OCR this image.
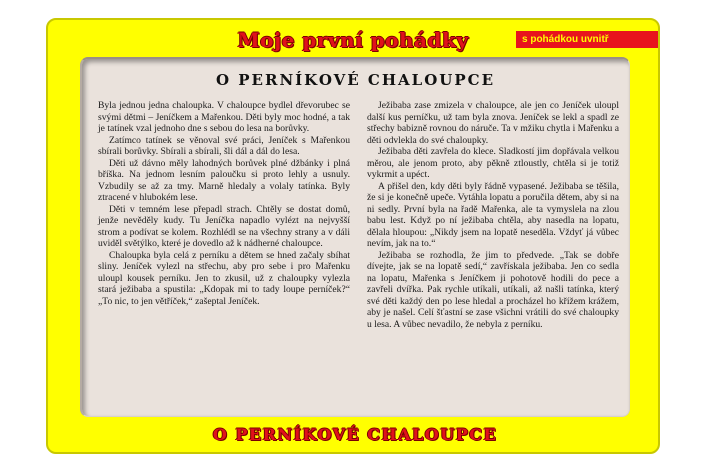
Moje první pohádky	s pohádkou uvnitř
O PERNÍKOVÉ CHALOUPCE

Byla jednou jedna chaloupka. V chaloupce bydlel dřevorubec se svými dětmi – Jeníčkem a Mařenkou. Děti byly moc hodné, a tak je tatínek vzal jednoho dne s sebou do lesa na borůvky.

Zatímco tatínek se věnoval své práci, Jeníček s Mařenkou sbírali borůvky. Sbírali a sbírali, šli dál a dál do lesa.

Děti už dávno měly lahodných borůvek plné džbánky i plná bříška. Na jednom lesním paloučku si proto lehly a usnuly. Vzbudily se až za tmy. Marně hledaly a volaly tatínka. Byly ztracené v hlubokém lese.

Děti v temném lese přepadl strach. Chtěly se dostat domů, jenže nevěděly kudy. Tu Jeníčka napadlo vylézt na nejvyšší strom a podívat se kolem. Rozhlédl se na všechny strany a v dáli uviděl světýlko, které je dovedlo až k nádherné chaloupce.

Chaloupka byla celá z perníku a dětem se hned začaly sbíhat sliny. Jeníček vylezl na střechu, aby pro sebe i pro Mařenku uloupl kousek perníku. Jen to zkusil, už z chaloupky vylezla stará ježibaba a spustila: „Kdopak mi to tady loupe perníček?“ „To nic, to jen větříček,“ zašeptal Jeníček.

Ježibaba zase zmizela v chaloupce, ale jen co Jeníček uloupl další kus perníčku, už tam byla znova. Jeníček se lekl a spadl ze střechy babizně rovnou do náruče. Ta v mžiku chytla i Mařenku a děti odvlekla do své chaloupky.

Ježibaba děti zavřela do klece. Sladkostí jim dopřávala velkou měrou, ale jenom proto, aby pěkně ztloustly, chtěla si je totiž vykrmit a upéct.

A přišel den, kdy děti byly řádně vypasené. Ježibaba se těšila, že si je konečně upeče. Vytáhla lopatu a poručila dětem, aby si na ni sedly. První byla na řadě Mařenka, ale ta vymyslela na zlou babu lest. Když po ní ježibaba chtěla, aby nasedla na lopatu, dělala hloupou: „Nikdy jsem na lopatě neseděla. Vždyť já vůbec nevím, jak na to.“

Ježibaba se rozhodla, že jim to předvede. „Tak se dobře dívejte, jak se na lopatě sedí,“ zavřískala ježibaba. Jen co sedla na lopatu, Mařenka s Jeníčkem ji pohotově hodili do pece a zavřeli dvířka. Pak rychle utíkali, utíkali, až našli tatínka, který své děti každý den po lese hledal a procházel ho křížem krážem, aby je našel. Celí šťastní se zase všichni vrátili do své chaloupky u lesa. A vůbec nevadilo, že nebyla z perníku.

O PERNÍKOVÉ CHALOUPCE
